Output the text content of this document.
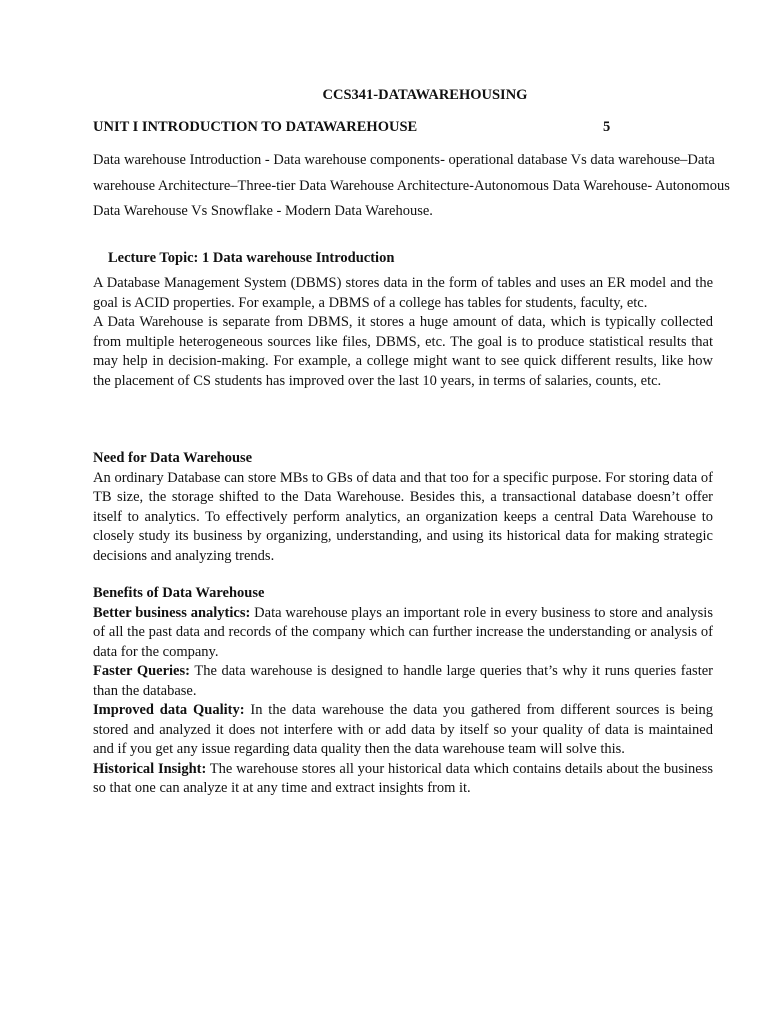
CCS341-DATAWAREHOUSING
UNIT I INTRODUCTION TO DATAWAREHOUSE	5

Data warehouse Introduction - Data warehouse components- operational database Vs data warehouse–Data warehouse Architecture–Three-tier Data Warehouse Architecture-Autonomous Data Warehouse- Autonomous Data Warehouse Vs Snowflake - Modern Data Warehouse.

Lecture Topic: 1 Data warehouse Introduction

A Database Management System (DBMS) stores data in the form of tables and uses an ER model and the goal is ACID properties. For example, a DBMS of a college has tables for students, faculty, etc.

A Data Warehouse is separate from DBMS, it stores a huge amount of data, which is typically collected from multiple heterogeneous sources like files, DBMS, etc. The goal is to produce statistical results that may help in decision-making. For example, a college might want to see quick different results, like how the placement of CS students has improved over the last 10 years, in terms of salaries, counts, etc.

Need for Data Warehouse

An ordinary Database can store MBs to GBs of data and that too for a specific purpose. For storing data of TB size, the storage shifted to the Data Warehouse. Besides this, a transactional database doesn’t offer itself to analytics. To effectively perform analytics, an organization keeps a central Data Warehouse to closely study its business by organizing, understanding, and using its historical data for making strategic decisions and analyzing trends.

Benefits of Data Warehouse

Better business analytics: Data warehouse plays an important role in every business to store and analysis of all the past data and records of the company which can further increase the understanding or analysis of data for the company.

Faster Queries: The data warehouse is designed to handle large queries that’s why it runs queries faster than the database.

Improved data Quality: In the data warehouse the data you gathered from different sources is being stored and analyzed it does not interfere with or add data by itself so your quality of data is maintained and if you get any issue regarding data quality then the data warehouse team will solve this.

Historical Insight: The warehouse stores all your historical data which contains details about the business so that one can analyze it at any time and extract insights from it.
